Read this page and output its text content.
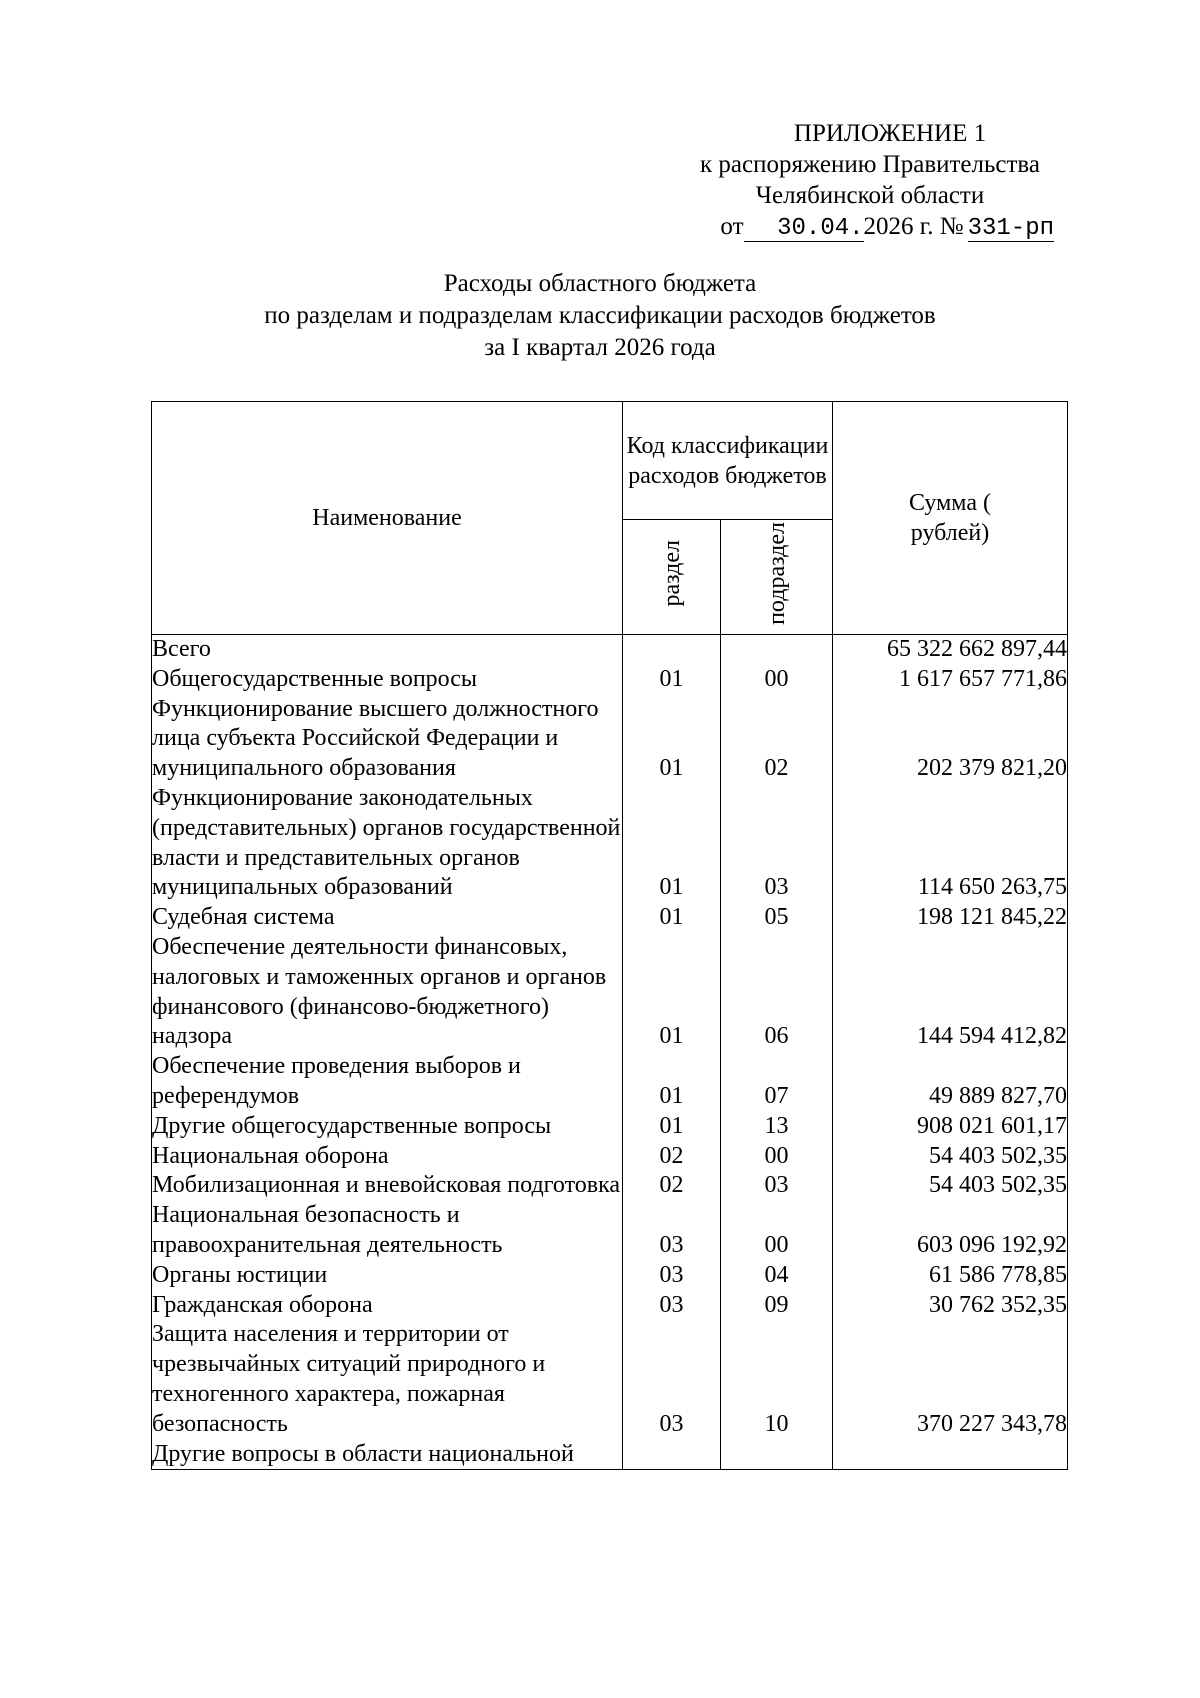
ПРИЛОЖЕНИЕ 1
к распоряжению Правительства
Челябинской области
от 30.04.2026 г. № 331-рп
Расходы областного бюджета
по разделам и подразделам классификации расходов бюджетов
за I квартал 2026 года
Наименование	Код классификации расходов бюджетов		Сумма ( рублей)
	раздел	подраздел	
Всего			65 322 662 897,44
Общегосударственные вопросы	01	00	1 617 657 771,86
Функционирование высшего должностного лица субъекта Российской Федерации и муниципального образования	01	02	202 379 821,20
Функционирование законодательных (представительных) органов государственной власти и представительных органов муниципальных образований	01	03	114 650 263,75
Судебная система	01	05	198 121 845,22
Обеспечение деятельности финансовых, налоговых и таможенных органов и органов финансового (финансово-бюджетного) надзора	01	06	144 594 412,82
Обеспечение проведения выборов и референдумов	01	07	49 889 827,70
Другие общегосударственные вопросы	01	13	908 021 601,17
Национальная оборона	02	00	54 403 502,35
Мобилизационная и вневойсковая подготовка	02	03	54 403 502,35
Национальная безопасность и правоохранительная деятельность	03	00	603 096 192,92
Органы юстиции	03	04	61 586 778,85
Гражданская оборона	03	09	30 762 352,35
Защита населения и территории от чрезвычайных ситуаций природного и техногенного характера, пожарная безопасность	03	10	370 227 343,78
Другие вопросы в области национальной			
